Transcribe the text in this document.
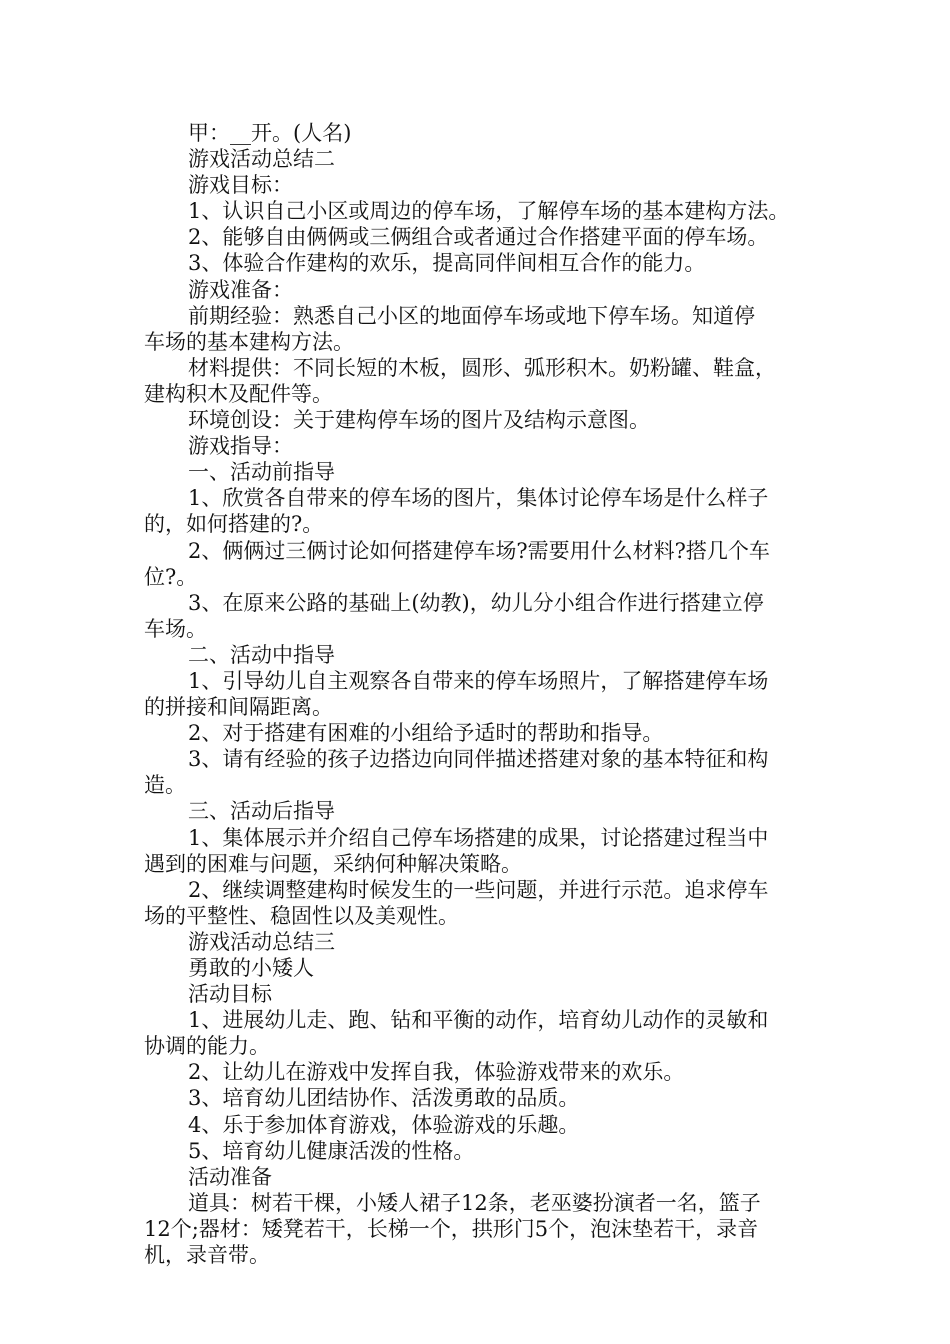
甲：__开。(人名)
游戏活动总结二
游戏目标：
1、认识自己小区或周边的停车场，了解停车场的基本建构方法。
2、能够自由俩俩或三俩组合或者通过合作搭建平面的停车场。
3、体验合作建构的欢乐，提高同伴间相互合作的能力。
游戏准备：
前期经验：熟悉自己小区的地面停车场或地下停车场。知道停
车场的基本建构方法。
材料提供：不同长短的木板，圆形、弧形积木。奶粉罐、鞋盒，
建构积木及配件等。
环境创设：关于建构停车场的图片及结构示意图。
游戏指导：
一、活动前指导
1、欣赏各自带来的停车场的图片，集体讨论停车场是什么样子
的，如何搭建的?。
2、俩俩过三俩讨论如何搭建停车场?需要用什么材料?搭几个车
位?。
3、在原来公路的基础上(幼教)，幼儿分小组合作进行搭建立停
车场。
二、活动中指导
1、引导幼儿自主观察各自带来的停车场照片，了解搭建停车场
的拼接和间隔距离。
2、对于搭建有困难的小组给予适时的帮助和指导。
3、请有经验的孩子边搭边向同伴描述搭建对象的基本特征和构
造。
三、活动后指导
1、集体展示并介绍自己停车场搭建的成果，讨论搭建过程当中
遇到的困难与问题，采纳何种解决策略。
2、继续调整建构时候发生的一些问题，并进行示范。追求停车
场的平整性、稳固性以及美观性。
游戏活动总结三
勇敢的小矮人
活动目标
1、进展幼儿走、跑、钻和平衡的动作，培育幼儿动作的灵敏和
协调的能力。
2、让幼儿在游戏中发挥自我，体验游戏带来的欢乐。
3、培育幼儿团结协作、活泼勇敢的品质。
4、乐于参加体育游戏，体验游戏的乐趣。
5、培育幼儿健康活泼的性格。
活动准备
道具：树若干棵，小矮人裙子12条，老巫婆扮演者一名，篮子
12个;器材：矮凳若干，长梯一个，拱形门5个，泡沫垫若干，录音
机，录音带。
